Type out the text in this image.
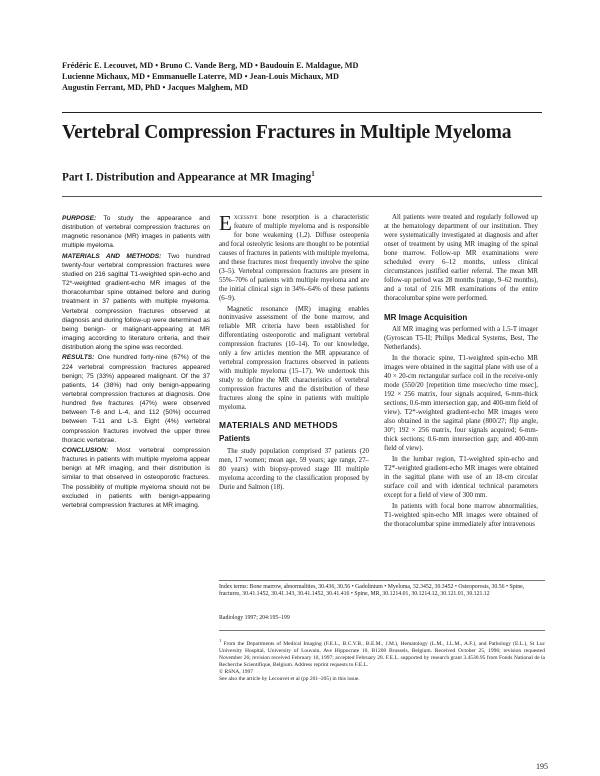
Frédéric E. Lecouvet, MD • Bruno C. Vande Berg, MD • Baudouin E. Maldague, MD
Lucienne Michaux, MD • Emmanuelle Laterre, MD • Jean-Louis Michaux, MD
Augustin Ferrant, MD, PhD • Jacques Malghem, MD
Vertebral Compression Fractures in Multiple Myeloma
Part I. Distribution and Appearance at MR Imaging$^1$

PURPOSE: To study the appearance and distribution of vertebral compression fractures on magnetic resonance (MR) images in patients with multiple myeloma.

MATERIALS AND METHODS: Two hundred twenty-four vertebral compression fractures were studied on 216 sagittal T1-weighted spin-echo and T2*-weighted gradient-echo MR images of the thoracolumbar spine obtained before and during treatment in 37 patients with multiple myeloma. Vertebral compression fractures observed at diagnosis and during follow-up were determined as being benign- or malignant-appearing at MR imaging according to literature criteria, and their distribution along the spine was recorded.

RESULTS: One hundred forty-nine (67%) of the 224 vertebral compression fractures appeared benign; 75 (33%) appeared malignant. Of the 37 patients, 14 (38%) had only benign-appearing vertebral compression fractures at diagnosis. One hundred five fractures (47%) were observed between T-6 and L-4, and 112 (50%) occurred between T-11 and L-3. Eight (4%) vertebral compression fractures involved the upper three thoracic vertebrae.

CONCLUSION: Most vertebral compression fractures in patients with multiple myeloma appear benign at MR imaging, and their distribution is similar to that observed in osteoporotic fractures. The possibility of multiple myeloma should not be excluded in patients with benign-appearing vertebral compression fractures at MR imaging.

Excessive bone resorption is a characteristic feature of multiple myeloma and is responsible for bone weakening (1,2). Diffuse osteopenia and focal osteolytic lesions are thought to be potential causes of fractures in patients with multiple myeloma, and these fractures most frequently involve the spine (3–5). Vertebral compression fractures are present in 55%–70% of patients with multiple myeloma and are the initial clinical sign in 34%–64% of these patients (6–9).

Magnetic resonance (MR) imaging enables noninvasive assessment of the bone marrow, and reliable MR criteria have been established for differentiating osteoporotic and malignant vertebral compression fractures (10–14). To our knowledge, only a few articles mention the MR appearance of vertebral compression fractures observed in patients with multiple myeloma (15–17). We undertook this study to define the MR characteristics of vertebral compression fractures and the distribution of these fractures along the spine in patients with multiple myeloma.

MATERIALS AND METHODS

Patients

The study population comprised 37 patients (20 men, 17 women; mean age, 59 years; age range, 27–80 years) with biopsy-proved stage III multiple myeloma according to the classification proposed by Durie and Salmon (18).

All patients were treated and regularly followed up at the hematology department of our institution. They were systematically investigated at diagnosis and after onset of treatment by using MR imaging of the spinal bone marrow. Follow-up MR examinations were scheduled every 6–12 months, unless clinical circumstances justified earlier referral. The mean MR follow-up period was 28 months (range, 9–62 months), and a total of 216 MR examinations of the entire thoracolumbar spine were performed.

MR Image Acquisition

All MR imaging was performed with a 1.5-T imager (Gyroscan T5-II; Philips Medical Systems, Best, The Netherlands).

In the thoracic spine, T1-weighted spin-echo MR images were obtained in the sagittal plane with use of a 40 × 20-cm rectangular surface coil in the receive-only mode (550/20 [repetition time msec/echo time msec], 192 × 256 matrix, four signals acquired, 6-mm-thick sections, 0.6-mm intersection gap, and 400-mm field of view). T2*-weighted gradient-echo MR images were also obtained in the sagittal plane (800/27; flip angle, 30°; 192 × 256 matrix, four signals acquired; 6-mm-thick sections; 0.6-mm intersection gap; and 400-mm field of view).

In the lumbar region, T1-weighted spin-echo and T2*-weighted gradient-echo MR images were obtained in the sagittal plane with use of an 18-cm circular surface coil and with identical technical parameters except for a field of view of 300 mm.

In patients with focal bone marrow abnormalities, T1-weighted spin-echo MR images were obtained of the thoracolumbar spine immediately after intravenous

Index terms: Bone marrow, abnormalities, 30.436, 30.56 • Gadolinium • Myeloma, 32.3452, 30.3452 • Osteoporosis, 30.56 • Spine, fractures, 30.41.1452, 30.41.143, 30.41.1452, 30.41.416 • Spine, MR, 30.1214.01, 30.1214.12, 30.121.01, 30.121.12
Radiology 1997; 204:195–199
$^1$ From the Departments of Medical Imaging (F.E.L., B.C.V.B., B.E.M., J.M.), Hematology (L.M., J.L.M., A.F.), and Pathology (E.L.), St Luc University Hospital, University of Louvain, Ave Hippocrate 10, B1200 Brussels, Belgium. Received October 25, 1996; revision requested November 26; revision received February 10, 1997; accepted February 28. F.E.L. supported by research grant 3.4530.95 from Fonds National de la Recherche Scientifique, Belgium. Address reprint requests to F.E.L.
© RSNA, 1997
See also the article by Lecouvet et al (pp 201–205) in this issue.
195
